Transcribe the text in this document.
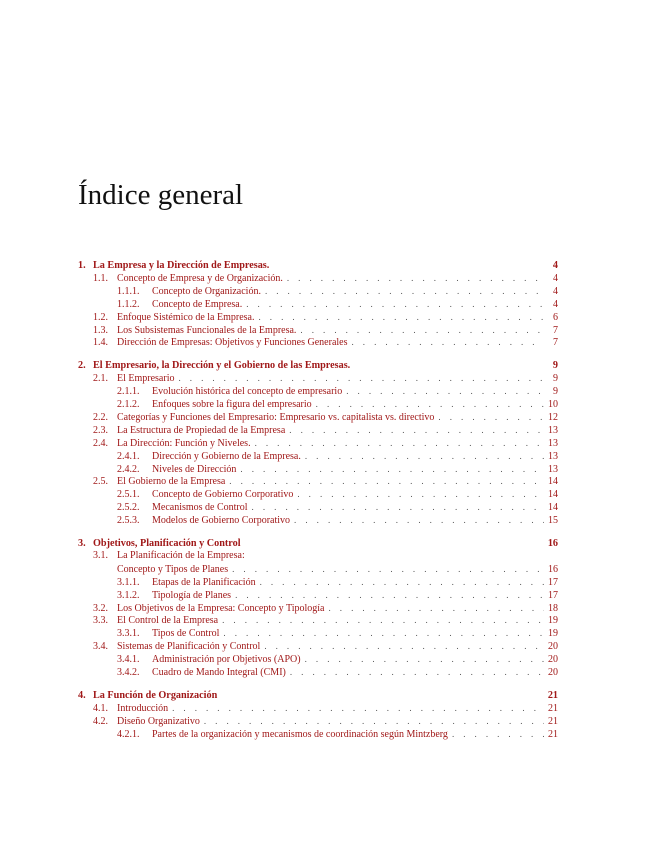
Índice general
1. La Empresa y la Dirección de Empresas.	4
1.1. Concepto de Empresa y de Organización. . . .	4
1.1.1.	Concepto de Organización. . . .	4
1.1.2.	Concepto de Empresa. . . .	4
1.2. Enfoque Sistémico de la Empresa. . . .	6
1.3. Los Subsistemas Funcionales de la Empresa. . . .	7
1.4. Dirección de Empresas: Objetivos y Funciones Generales . . .	7
2. El Empresario, la Dirección y el Gobierno de las Empresas.	9
2.1. El Empresario . . .	9
2.1.1.	Evolución histórica del concepto de empresario . . .	9
2.1.2.	Enfoques sobre la figura del empresario . . .	10
2.2. Categorías y Funciones del Empresario: Empresario vs. capitalista vs. directivo . . .	12
2.3. La Estructura de Propiedad de la Empresa . . .	13
2.4. La Dirección: Función y Niveles. . . .	13
2.4.1.	Dirección y Gobierno de la Empresa. . . .	13
2.4.2.	Niveles de Dirección . . .	13
2.5. El Gobierno de la Empresa . . .	14
2.5.1.	Concepto de Gobierno Corporativo . . .	14
2.5.2.	Mecanismos de Control . . .	14
2.5.3.	Modelos de Gobierno Corporativo . . .	15
3. Objetivos, Planificación y Control	16
3.1. La Planificación de la Empresa:
Concepto y Tipos de Planes . . .	16
3.1.1.	Etapas de la Planificación . . .	17
3.1.2.	Tipología de Planes . . .	17
3.2. Los Objetivos de la Empresa: Concepto y Tipología . . .	18
3.3. El Control de la Empresa . . .	19
3.3.1.	Tipos de Control . . .	19
3.4. Sistemas de Planificación y Control . . .	20
3.4.1.	Administración por Objetivos (APO) . . .	20
3.4.2.	Cuadro de Mando Integral (CMI) . . .	20
4. La Función de Organización	21
4.1. Introducción . . .	21
4.2. Diseño Organizativo . . .	21
4.2.1.	Partes de la organización y mecanismos de coordinación según Mintzberg . . .	21
